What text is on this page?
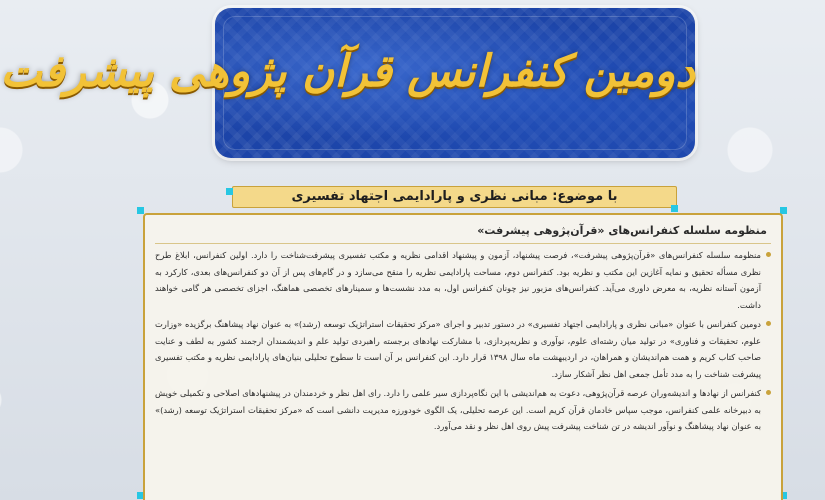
دومین کنفرانس قرآن پژوهی پیشرفت
با موضوع: مبانی نظری و پارادایمی اجتهاد تفسیری
منظومه سلسله کنفرانس‌های «قرآن‌پژوهی پیشرفت»
منظومه سلسله کنفرانس‌های «قرآن‌پژوهی پیشرفت»، فرصت پیشنهاد، آزمون و پیشنهاد اقدامی نظریه و مکتب تفسیری پیشرفت‌شناخت را دارد. اولین کنفرانس، ابلاغ طرح نظری مسأله تحقیق و نمایه آغازین این مکتب و نظریه بود. کنفرانس دوم، مساحت پارادایمی نظریه را منقح می‌سازد و در گام‌های پس از آن دو کنفرانس‌های بعدی، کارکرد به آزمون آستانه نظریه، به معرض داوری می‌آید. کنفرانس‌های مزبور نیز چونان کنفرانس اول، به مدد نشست‌ها و سمینارهای تخصصی هماهنگ، اجزای تخصصی هر گامی خواهند داشت.
دومین کنفرانس با عنوان «مبانی نظری و پارادایمی اجتهاد تفسیری» در دستور تدبیر و اجرای «مرکز تحقیقات استراتژیک توسعه (رشد)» به عنوان نهاد پیشاهنگ برگزیده «وزارت علوم، تحقیقات و فناوری» در تولید میان رشته‌ای علوم، نوآوری و نظریه‌پردازی، با مشارکت نهادهای برجسته راهبردی تولید علم و اندیشمندان ارجمند کشور به لطف و عنایت صاحب کتاب کریم و همت هم‌اندیشان و همراهان، در اردیبهشت ماه سال ۱۳۹۸ قرار دارد. این کنفرانس بر آن است تا سطوح تحلیلی بنیان‌های پارادایمی نظریه و مکتب تفسیری پیشرفت شناخت را به مدد تأمل جمعی اهل نظر آشکار سازد.
کنفرانس از نهادها و اندیشه‌وران عرصه قرآن‌پژوهی، دعوت به هم‌اندیشی با این نگاه‌پردازی سیر علمی را دارد. رای اهل نظر و خردمندان در پیشنهادهای اصلاحی و تکمیلی خویش به دبیرخانه علمی کنفرانس، موجب سپاس خادمان قرآن کریم است. این عرصه تحلیلی، یک الگوی خودورزه مدیریت دانشی است که «مرکز تحقیقات استراتژیک توسعه (رشد)» به عنوان نهاد پیشاهنگ و نوآور اندیشه در تن شناخت پیشرفت پیش روی اهل نظر و نقد می‌آورد.
